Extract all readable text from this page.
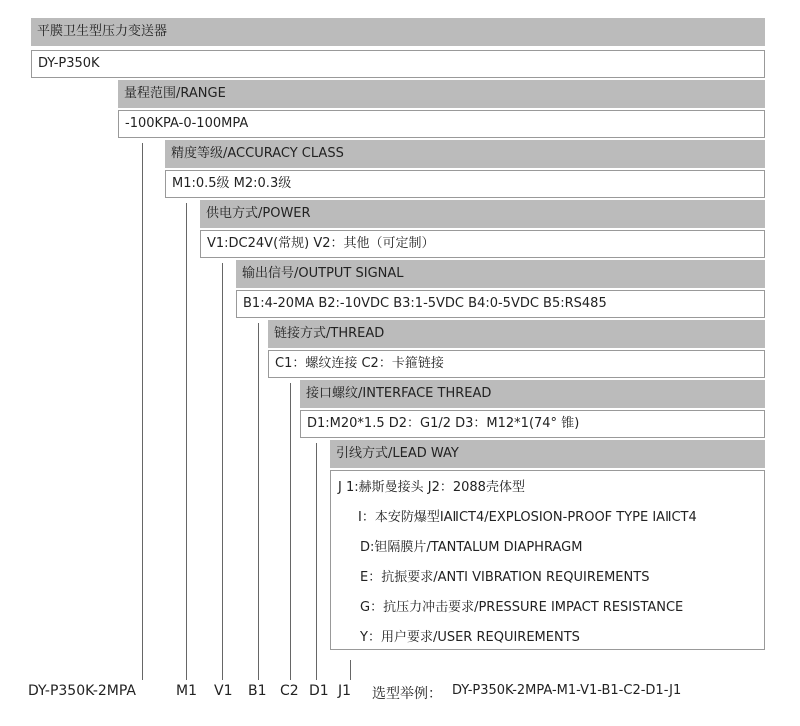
平膜卫生型压力变送器
DY-P350K
量程范围/RANGE
-100KPA-0-100MPA
精度等级/ACCURACY CLASS
M1:0.5级 M2:0.3级
供电方式/POWER
V1:DC24V(常规) V2：其他（可定制）
输出信号/OUTPUT SIGNAL
B1:4-20MA B2:-10VDC B3:1-5VDC B4:0-5VDC B5:RS485
链接方式/THREAD
C1：螺纹连接 C2：卡箍链接
接口螺纹/INTERFACE THREAD
D1:M20*1.5 D2：G1/2 D3：M12*1(74° 锥)
引线方式/LEAD WAY
J 1:赫斯曼接头 J2：2088壳体型
I：本安防爆型IAⅡCT4/EXPLOSION-PROOF TYPE IAⅡCT4
D:钽隔膜片/TANTALUM DIAPHRAGM
E：抗振要求/ANTI VIBRATION REQUIREMENTS
G：抗压力冲击要求/PRESSURE IMPACT RESISTANCE
Y：用户要求/USER REQUIREMENTS
DY-P350K-2MPA	M1 V1 B1 C2 D1 J1 选型举例： DY-P350K-2MPA-M1-V1-B1-C2-D1-J1
